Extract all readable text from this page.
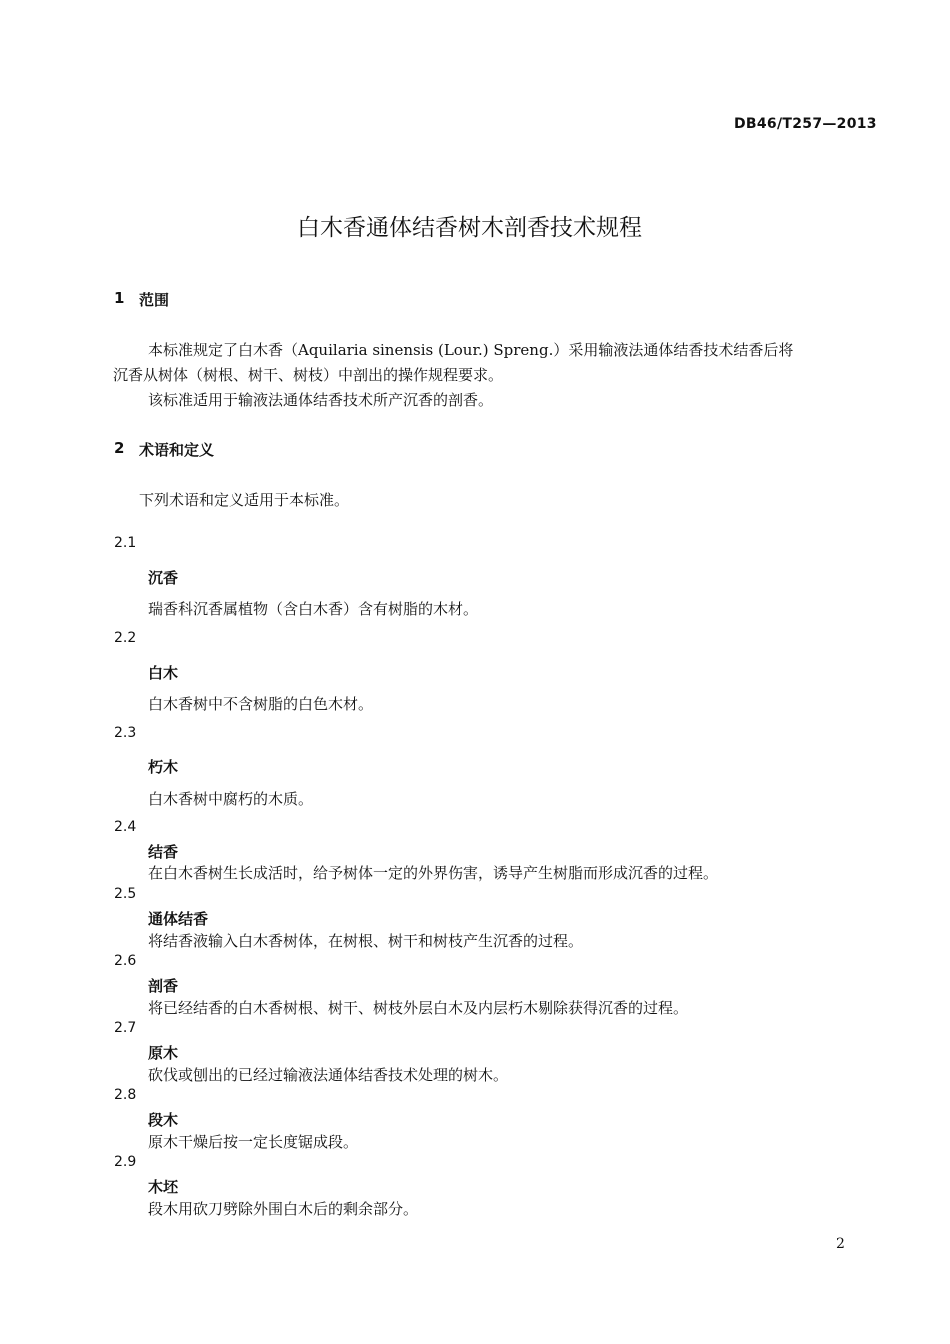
DB46/T257—2013
白木香通体结香树木剖香技术规程
1 范围
本标准规定了白木香（Aquilaria sinensis (Lour.) Spreng.）采用输液法通体结香技术结香后将
沉香从树体（树根、树干、树枝）中剖出的操作规程要求。
该标准适用于输液法通体结香技术所产沉香的剖香。
2 术语和定义
下列术语和定义适用于本标准。
2.1
沉香
瑞香科沉香属植物（含白木香）含有树脂的木材。
2.2
白木
白木香树中不含树脂的白色木材。
2.3
朽木
白木香树中腐朽的木质。
2.4
结香
在白木香树生长成活时，给予树体一定的外界伤害，诱导产生树脂而形成沉香的过程。
2.5
通体结香
将结香液输入白木香树体，在树根、树干和树枝产生沉香的过程。
2.6
剖香
将已经结香的白木香树根、树干、树枝外层白木及内层朽木剔除获得沉香的过程。
2.7
原木
砍伐或刨出的已经过输液法通体结香技术处理的树木。
2.8
段木
原木干燥后按一定长度锯成段。
2.9
木坯
段木用砍刀劈除外围白木后的剩余部分。
2
